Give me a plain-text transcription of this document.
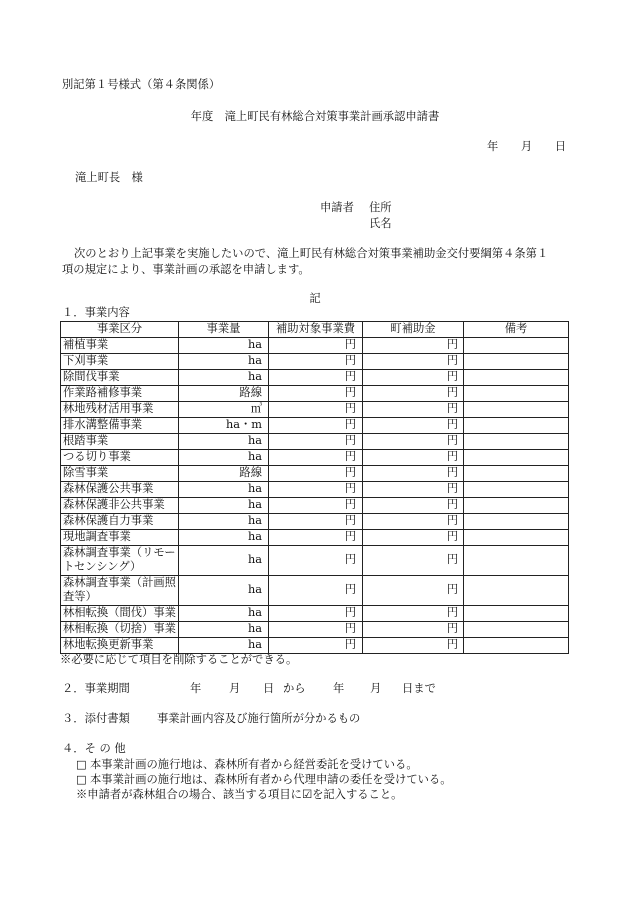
別記第１号様式（第４条関係）
年度　滝上町民有林総合対策事業計画承認申請書
年　　月　　日
滝上町長　様
申請者 住所
氏名
次のとおり上記事業を実施したいので、滝上町民有林総合対策事業補助金交付要綱第４条第１
項の規定により、事業計画の承認を申請します。
記
１．事業内容
事業区分	事業量	補助対象事業費	町補助金	備考
補植事業	ha	円	円	
下刈事業	ha	円	円	
除間伐事業	ha	円	円	
作業路補修事業	路線	円	円	
林地残材活用事業	㎥	円	円	
排水溝整備事業	ha・m	円	円	
根踏事業	ha	円	円	
つる切り事業	ha	円	円	
除雪事業	路線	円	円	
森林保護公共事業	ha	円	円	
森林保護非公共事業	ha	円	円	
森林保護自力事業	ha	円	円	
現地調査事業	ha	円	円	
森林調査事業（リモートセンシング）	ha	円	円	
森林調査事業（計画照査等）	ha	円	円	
林相転換（間伐）事業	ha	円	円	
林相転換（切捨）事業	ha	円	円	
林地転換更新事業	ha	円	円	
※必要に応じて項目を削除することができる。
２．事業期間	年 月 日 から 年 月 日まで
３．添付書類 事業計画内容及び施行箇所が分かるもの
４．そ の 他
□ 本事業計画の施行地は、森林所有者から経営委託を受けている。
□ 本事業計画の施行地は、森林所有者から代理申請の委任を受けている。
※申請者が森林組合の場合、該当する項目に☑を記入すること。
